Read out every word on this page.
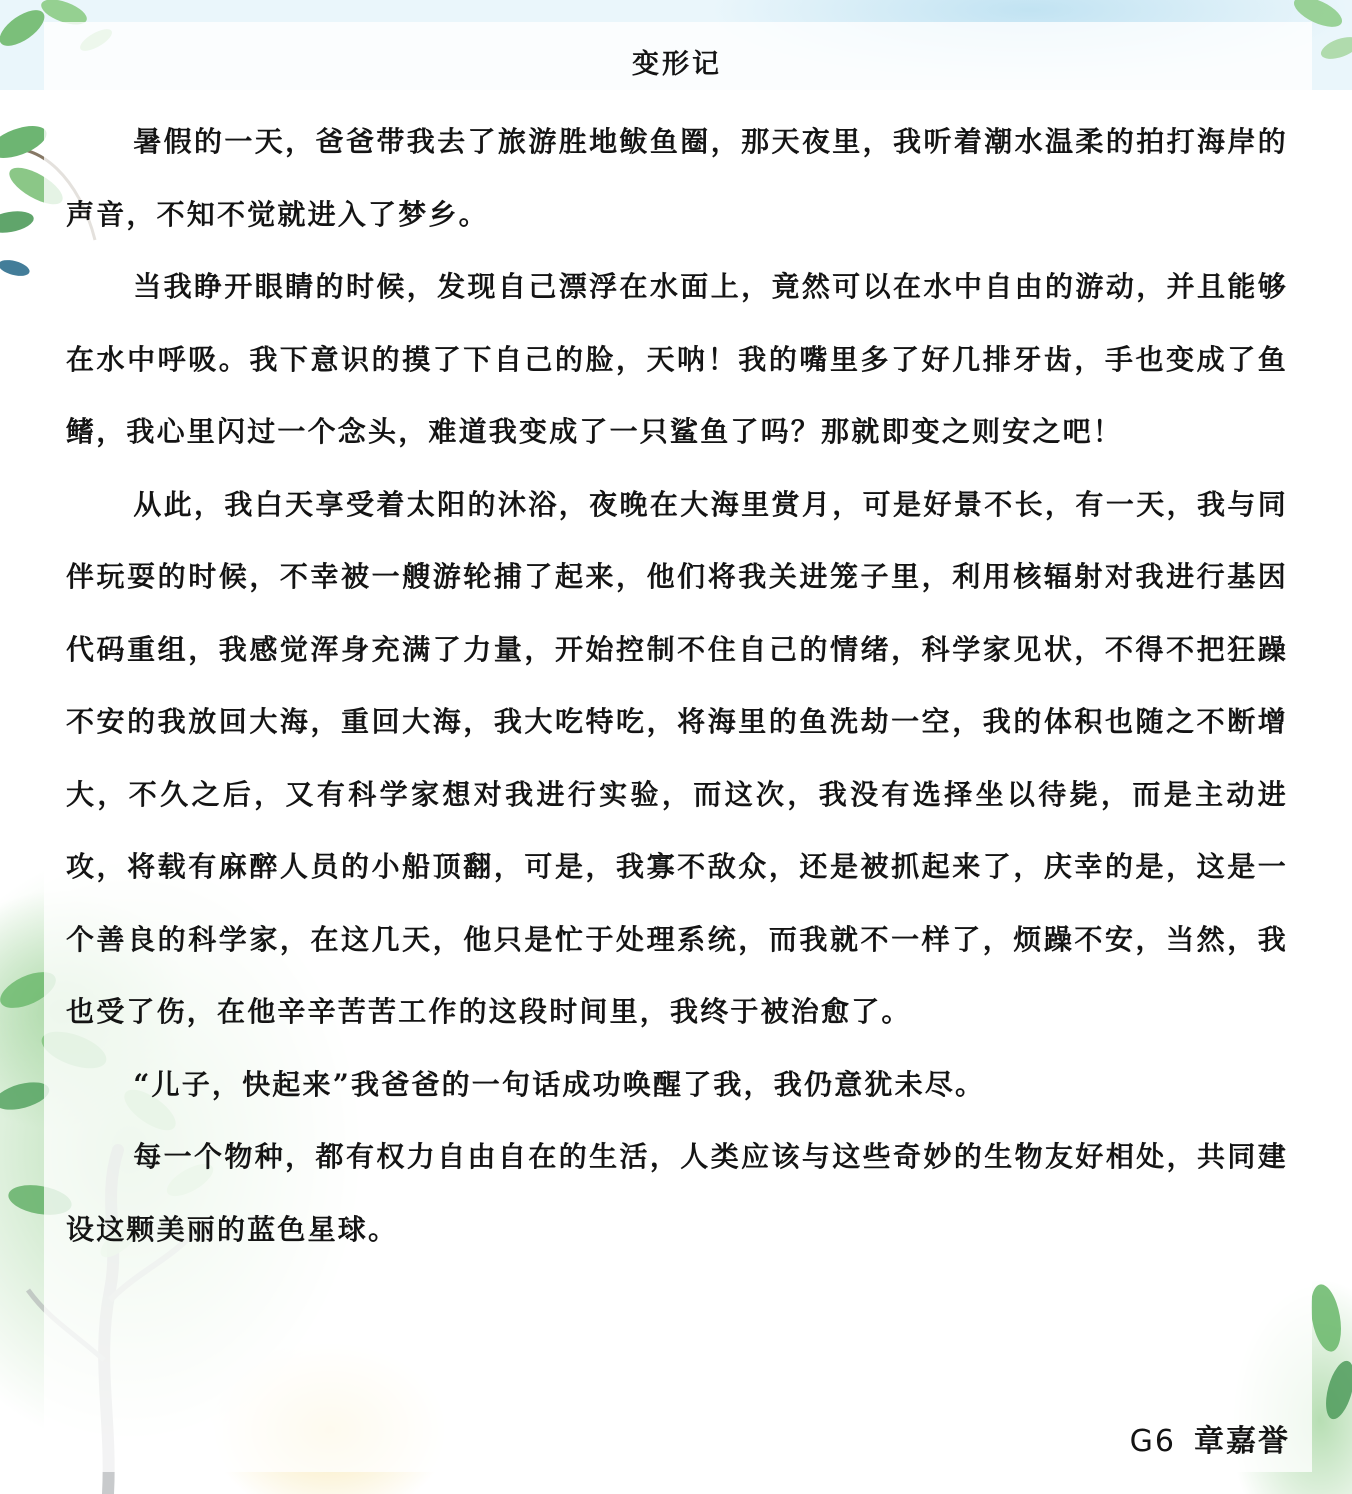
变形记

暑假的一天，爸爸带我去了旅游胜地鲅鱼圈，那天夜里，我听着潮水温柔的拍打海岸的声音，不知不觉就进入了梦乡。

当我睁开眼睛的时候，发现自己漂浮在水面上，竟然可以在水中自由的游动，并且能够在水中呼吸。我下意识的摸了下自己的脸，天呐！我的嘴里多了好几排牙齿，手也变成了鱼鳍，我心里闪过一个念头，难道我变成了一只鲨鱼了吗？那就即变之则安之吧！

从此，我白天享受着太阳的沐浴，夜晚在大海里赏月，可是好景不长，有一天，我与同伴玩耍的时候，不幸被一艘游轮捕了起来，他们将我关进笼子里，利用核辐射对我进行基因代码重组，我感觉浑身充满了力量，开始控制不住自己的情绪，科学家见状，不得不把狂躁不安的我放回大海，重回大海，我大吃特吃，将海里的鱼洗劫一空，我的体积也随之不断增大，不久之后，又有科学家想对我进行实验，而这次，我没有选择坐以待毙，而是主动进攻，将载有麻醉人员的小船顶翻，可是，我寡不敌众，还是被抓起来了，庆幸的是，这是一个善良的科学家，在这几天，他只是忙于处理系统，而我就不一样了，烦躁不安，当然，我也受了伤，在他辛辛苦苦工作的这段时间里，我终于被治愈了。

“儿子，快起来”我爸爸的一句话成功唤醒了我，我仍意犹未尽。

每一个物种，都有权力自由自在的生活，人类应该与这些奇妙的生物友好相处，共同建设这颗美丽的蓝色星球。

G6 章嘉誉
